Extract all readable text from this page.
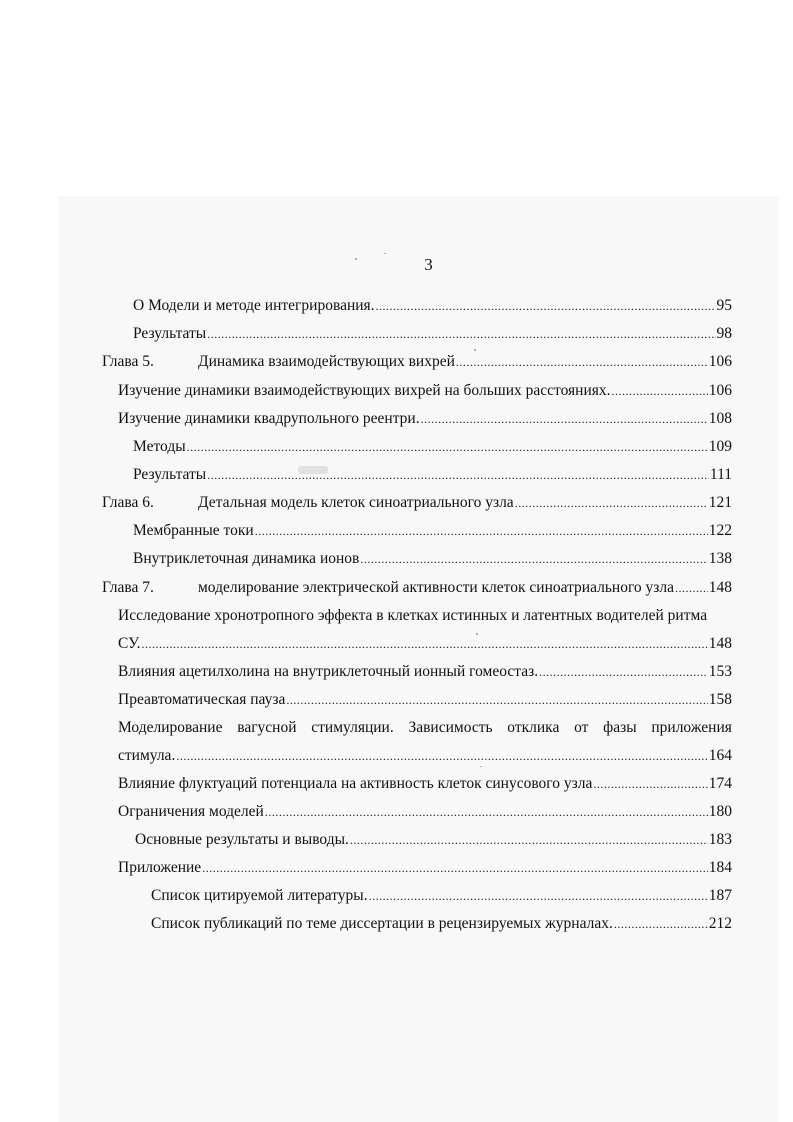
3
О Модели и методе интегрирования. .....	95
Результаты .....	98
Глава 5.	Динамика взаимодействующих вихрей .....	106
Изучение динамики взаимодействующих вихрей на больших расстояниях. .....	106
Изучение динамики квадрупольного реентри. .....	108
Методы .....	109
Результаты .....	111
Глава 6.	Детальная модель клеток синоатриального узла .....	121
Мембранные токи .....	122
Внутриклеточная динамика ионов .....	138
Глава 7.	моделирование электрической активности клеток синоатриального узла ..... 148
Исследование хронотропного эффекта в клетках истинных и латентных водителей ритма
СУ. .....	148
Влияния ацетилхолина на внутриклеточный ионный гомеостаз. .....	153
Преавтоматическая пауза .....	158
Моделирование вагусной стимуляции. Зависимость отклика от фазы приложения
стимула. .....	164
Влияние флуктуаций потенциала на активность клеток синусового узла .....	174
Ограничения моделей .....	180
Основные результаты и выводы. .....	183
Приложение .....	184
Список цитируемой литературы. .....	187
Список публикаций по теме диссертации в рецензируемых журналах. .....	212
